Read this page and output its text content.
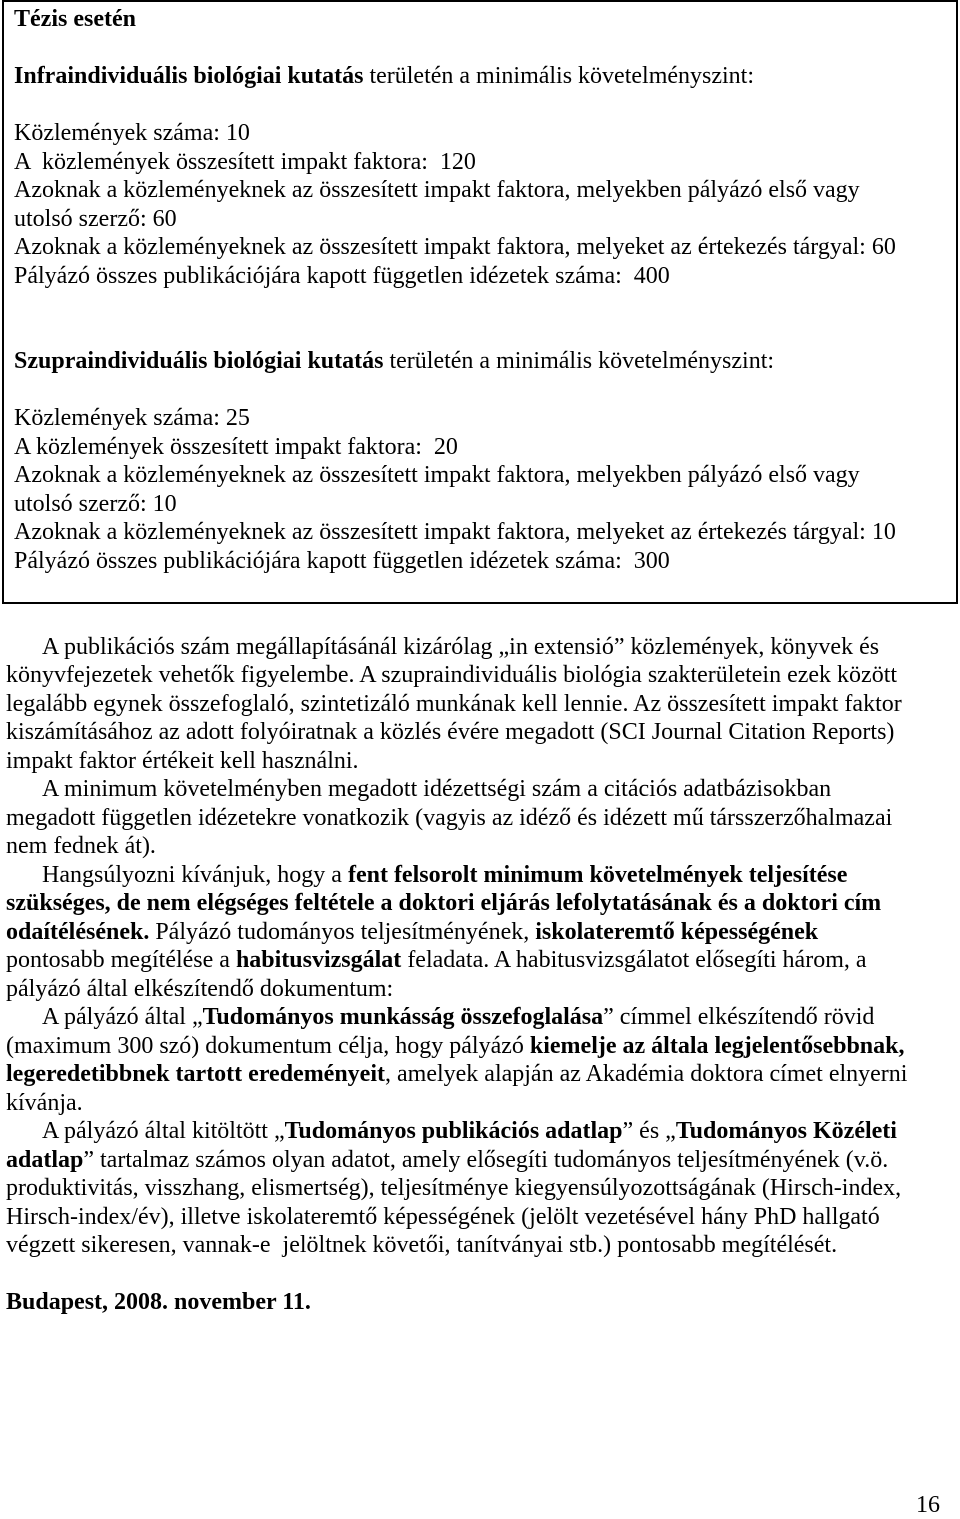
Tézis esetén
Infraindividuális biológiai kutatás területén a minimális követelményszint:
Közlemények száma: 10
A  közlemények összesített impakt faktora:  120
Azoknak a közleményeknek az összesített impakt faktora, melyekben pályázó első vagy
utolsó szerző: 60
Azoknak a közleményeknek az összesített impakt faktora, melyeket az értekezés tárgyal: 60
Pályázó összes publikációjára kapott független idézetek száma:  400
Szupraindividuális biológiai kutatás területén a minimális követelményszint:
Közlemények száma: 25
A közlemények összesített impakt faktora:  20
Azoknak a közleményeknek az összesített impakt faktora, melyekben pályázó első vagy
utolsó szerző: 10
Azoknak a közleményeknek az összesített impakt faktora, melyeket az értekezés tárgyal: 10
Pályázó összes publikációjára kapott független idézetek száma:  300
A publikációs szám megállapításánál kizárólag „in extensió” közlemények, könyvek és
könyvfejezetek vehetők figyelembe. A szupraindividuális biológia szakterületein ezek között
legalább egynek összefoglaló, szintetizáló munkának kell lennie. Az összesített impakt faktor
kiszámításához az adott folyóiratnak a közlés évére megadott (SCI Journal Citation Reports)
impakt faktor értékeit kell használni.
A minimum követelményben megadott idézettségi szám a citációs adatbázisokban
megadott független idézetekre vonatkozik (vagyis az idéző és idézett mű társszerzőhalmazai
nem fednek át).
Hangsúlyozni kívánjuk, hogy a fent felsorolt minimum követelmények teljesítése
szükséges, de nem elégséges feltétele a doktori eljárás lefolytatásának és a doktori cím
odaítélésének. Pályázó tudományos teljesítményének, iskolateremtő képességének
pontosabb megítélése a habitusvizsgálat feladata. A habitusvizsgálatot elősegíti három, a
pályázó által elkészítendő dokumentum:
A pályázó által „Tudományos munkásság összefoglalása” címmel elkészítendő rövid
(maximum 300 szó) dokumentum célja, hogy pályázó kiemelje az általa legjelentősebbnak,
legeredetibbnek tartott eredeményeit, amelyek alapján az Akadémia doktora címet elnyerni
kívánja.
A pályázó által kitöltött „Tudományos publikációs adatlap” és „Tudományos Közéleti
adatlap” tartalmaz számos olyan adatot, amely elősegíti tudományos teljesítményének (v.ö.
produktivitás, visszhang, elismertség), teljesítménye kiegyensúlyozottságának (Hirsch-index,
Hirsch-index/év), illetve iskolateremtő képességének (jelölt vezetésével hány PhD hallgató
végzett sikeresen, vannak-e  jelöltnek követői, tanítványai stb.) pontosabb megítélését.
Budapest, 2008. november 11.
16
